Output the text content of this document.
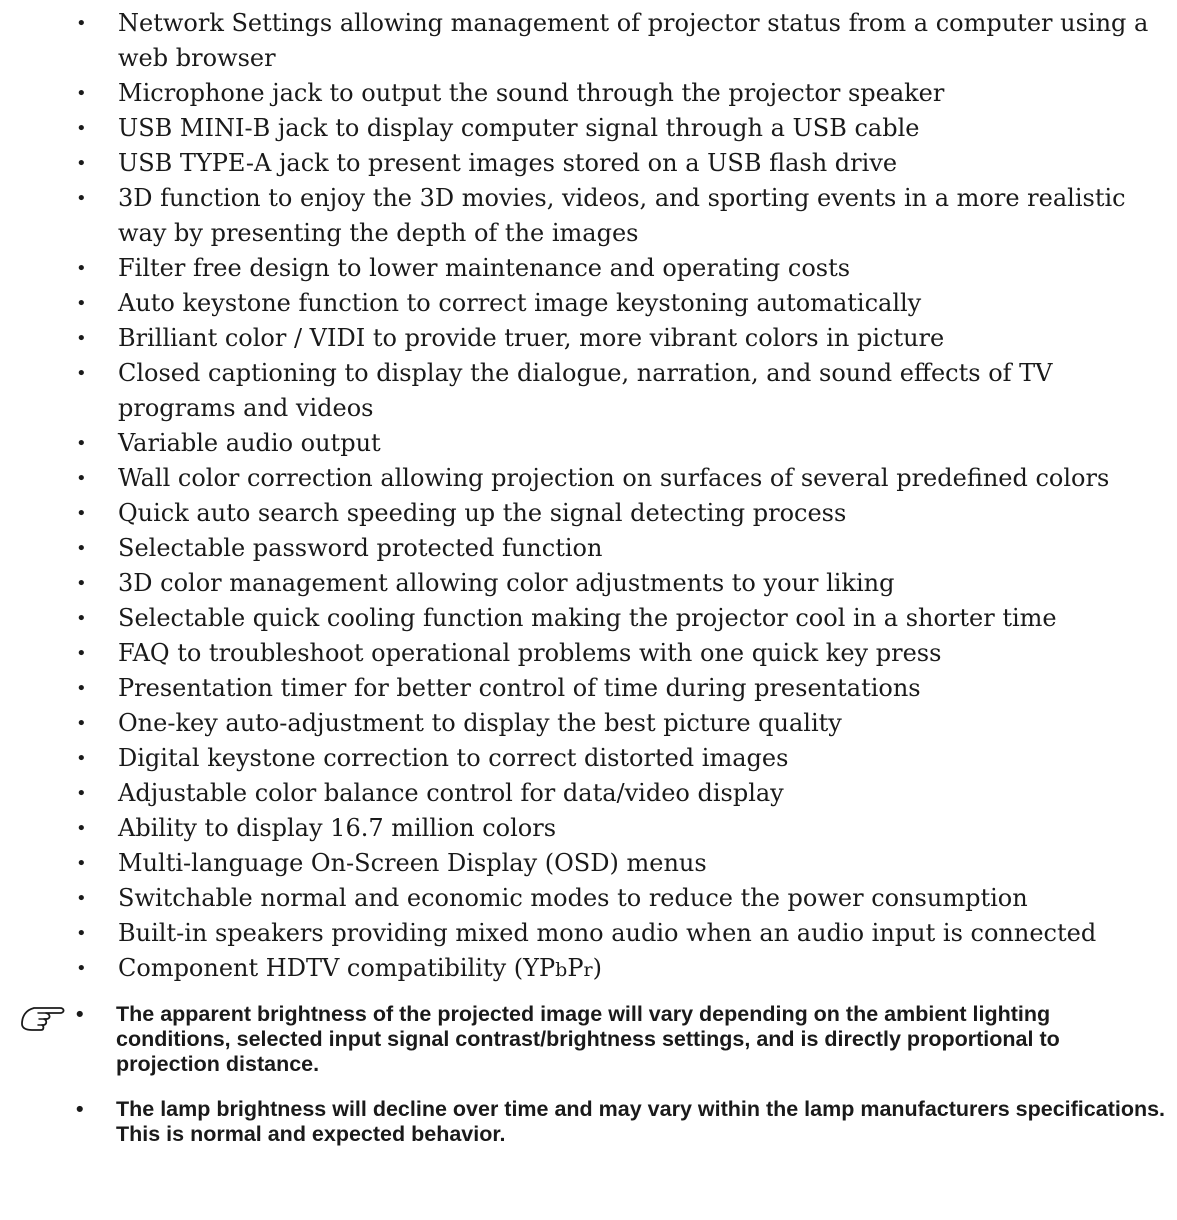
•	Network Settings allowing management of projector status from a computer using a web browser
•	Microphone jack to output the sound through the projector speaker
•	USB MINI-B jack to display computer signal through a USB cable
•	USB TYPE-A jack to present images stored on a USB flash drive
•	3D function to enjoy the 3D movies, videos, and sporting events in a more realistic way by presenting the depth of the images
•	Filter free design to lower maintenance and operating costs
•	Auto keystone function to correct image keystoning automatically
•	Brilliant color / VIDI to provide truer, more vibrant colors in picture
•	Closed captioning to display the dialogue, narration, and sound effects of TV programs and videos
•	Variable audio output
•	Wall color correction allowing projection on surfaces of several predefined colors
•	Quick auto search speeding up the signal detecting process
•	Selectable password protected function
•	3D color management allowing color adjustments to your liking
•	Selectable quick cooling function making the projector cool in a shorter time
•	FAQ to troubleshoot operational problems with one quick key press
•	Presentation timer for better control of time during presentations
•	One-key auto-adjustment to display the best picture quality
•	Digital keystone correction to correct distorted images
•	Adjustable color balance control for data/video display
•	Ability to display 16.7 million colors
•	Multi-language On-Screen Display (OSD) menus
•	Switchable normal and economic modes to reduce the power consumption
•	Built-in speakers providing mixed mono audio when an audio input is connected
•	Component HDTV compatibility (YPbPr)
• The apparent brightness of the projected image will vary depending on the ambient lighting conditions, selected input signal contrast/brightness settings, and is directly proportional to projection distance.
• The lamp brightness will decline over time and may vary within the lamp manufacturers specifications. This is normal and expected behavior.
